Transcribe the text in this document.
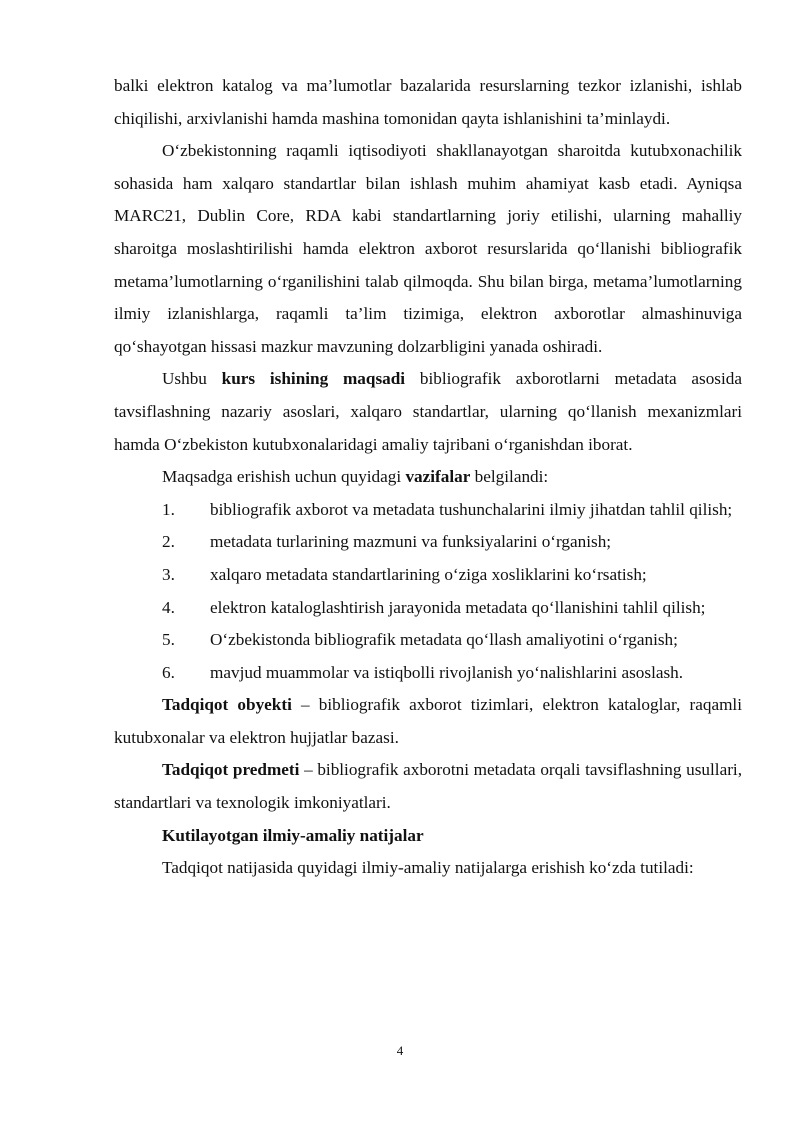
balki elektron katalog va ma’lumotlar bazalarida resurslarning tezkor izlanishi, ishlab chiqilishi, arxivlanishi hamda mashina tomonidan qayta ishlanishini ta’minlaydi.

O‘zbekistonning raqamli iqtisodiyoti shakllanayotgan sharoitda kutubxonachilik sohasida ham xalqaro standartlar bilan ishlash muhim ahamiyat kasb etadi. Ayniqsa MARC21, Dublin Core, RDA kabi standartlarning joriy etilishi, ularning mahalliy sharoitga moslashtirilishi hamda elektron axborot resurslarida qo‘llanishi bibliografik metama’lumotlarning o‘rganilishini talab qilmoqda. Shu bilan birga, metama’lumotlarning ilmiy izlanishlarga, raqamli ta’lim tizimiga, elektron axborotlar almashinuviga qo‘shayotgan hissasi mazkur mavzuning dolzarbligini yanada oshiradi.

Ushbu kurs ishining maqsadi bibliografik axborotlarni metadata asosida tavsiflashning nazariy asoslari, xalqaro standartlar, ularning qo‘llanish mexanizmlari hamda O‘zbekiston kutubxonalaridagi amaliy tajribani o‘rganishdan iborat.

Maqsadga erishish uchun quyidagi vazifalar belgilandi:

1. bibliografik axborot va metadata tushunchalarini ilmiy jihatdan tahlil qilish;

2. metadata turlarining mazmuni va funksiyalarini o‘rganish;

3. xalqaro metadata standartlarining o‘ziga xosliklarini ko‘rsatish;

4. elektron kataloglashtirish jarayonida metadata qo‘llanishini tahlil qilish;

5. O‘zbekistonda bibliografik metadata qo‘llash amaliyotini o‘rganish;

6. mavjud muammolar va istiqbolli rivojlanish yo‘nalishlarini asoslash.

Tadqiqot obyekti – bibliografik axborot tizimlari, elektron kataloglar, raqamli kutubxonalar va elektron hujjatlar bazasi.

Tadqiqot predmeti – bibliografik axborotni metadata orqali tavsiflashning usullari, standartlari va texnologik imkoniyatlari.

Kutilayotgan ilmiy-amaliy natijalar

Tadqiqot natijasida quyidagi ilmiy-amaliy natijalarga erishish ko‘zda tutiladi:

4
